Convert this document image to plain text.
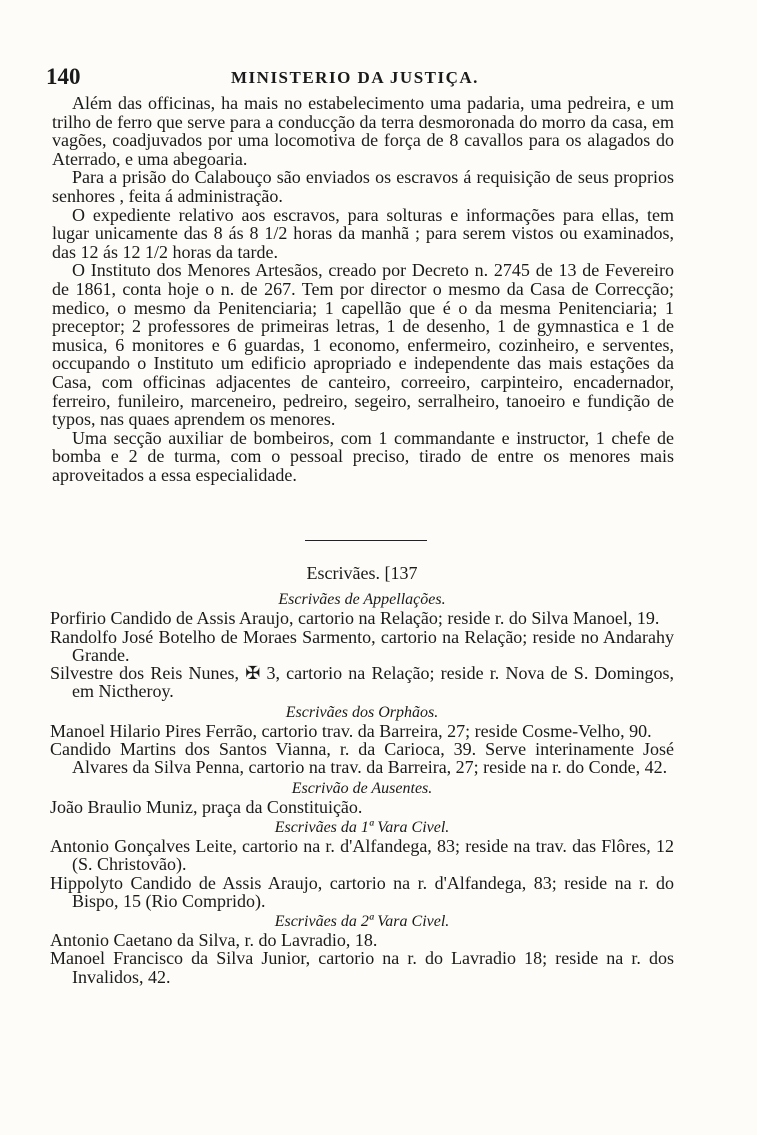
140	MINISTERIO DA JUSTIÇA.

Além das officinas, ha mais no estabelecimento uma padaria, uma pedreira, e um trilho de ferro que serve para a conducção da terra desmoronada do morro da casa, em vagões, coadjuvados por uma locomotiva de força de 8 cavallos para os alagados do Aterrado, e uma abegoaria.

Para a prisão do Calabouço são enviados os escravos á requisição de seus proprios senhores , feita á administração.

O expediente relativo aos escravos, para solturas e informações para ellas, tem lugar unicamente das 8 ás 8 1/2 horas da manhã ; para serem vistos ou examinados, das 12 ás 12 1/2 horas da tarde.

O Instituto dos Menores Artesãos, creado por Decreto n. 2745 de 13 de Fevereiro de 1861, conta hoje o n. de 267. Tem por director o mesmo da Casa de Correcção; medico, o mesmo da Penitenciaria; 1 capellão que é o da mesma Penitenciaria; 1 preceptor; 2 professores de primeiras letras, 1 de desenho, 1 de gymnastica e 1 de musica, 6 monitores e 6 guardas, 1 economo, enfermeiro, cozinheiro, e serventes, occupando o Instituto um edificio apropriado e independente das mais estações da Casa, com officinas adjacentes de canteiro, correeiro, carpinteiro, encadernador, ferreiro, funileiro, marceneiro, pedreiro, segeiro, serralheiro, tanoeiro e fundição de typos, nas quaes aprendem os menores.

Uma secção auxiliar de bombeiros, com 1 commandante e instructor, 1 chefe de bomba e 2 de turma, com o pessoal preciso, tirado de entre os menores mais aproveitados a essa especialidade.

Escrivães. [137
Escrivães de Appellações.

Porfirio Candido de Assis Araujo, cartorio na Relação; reside r. do Silva Manoel, 19.

Randolfo José Botelho de Moraes Sarmento, cartorio na Relação; reside no Andarahy Grande.

Silvestre dos Reis Nunes, ✠ 3, cartorio na Relação; reside r. Nova de S. Domingos, em Nictheroy.

Escrivães dos Orphãos.

Manoel Hilario Pires Ferrão, cartorio trav. da Barreira, 27; reside Cosme-Velho, 90.

Candido Martins dos Santos Vianna, r. da Carioca, 39. Serve interinamente José Alvares da Silva Penna, cartorio na trav. da Barreira, 27; reside na r. do Conde, 42.

Escrivão de Ausentes.

João Braulio Muniz, praça da Constituição.

Escrivães da 1ª Vara Civel.

Antonio Gonçalves Leite, cartorio na r. d'Alfandega, 83; reside na trav. das Flôres, 12 (S. Christovão).

Hippolyto Candido de Assis Araujo, cartorio na r. d'Alfandega, 83; reside na r. do Bispo, 15 (Rio Comprido).

Escrivães da 2ª Vara Civel.

Antonio Caetano da Silva, r. do Lavradio, 18.

Manoel Francisco da Silva Junior, cartorio na r. do Lavradio 18; reside na r. dos Invalidos, 42.
